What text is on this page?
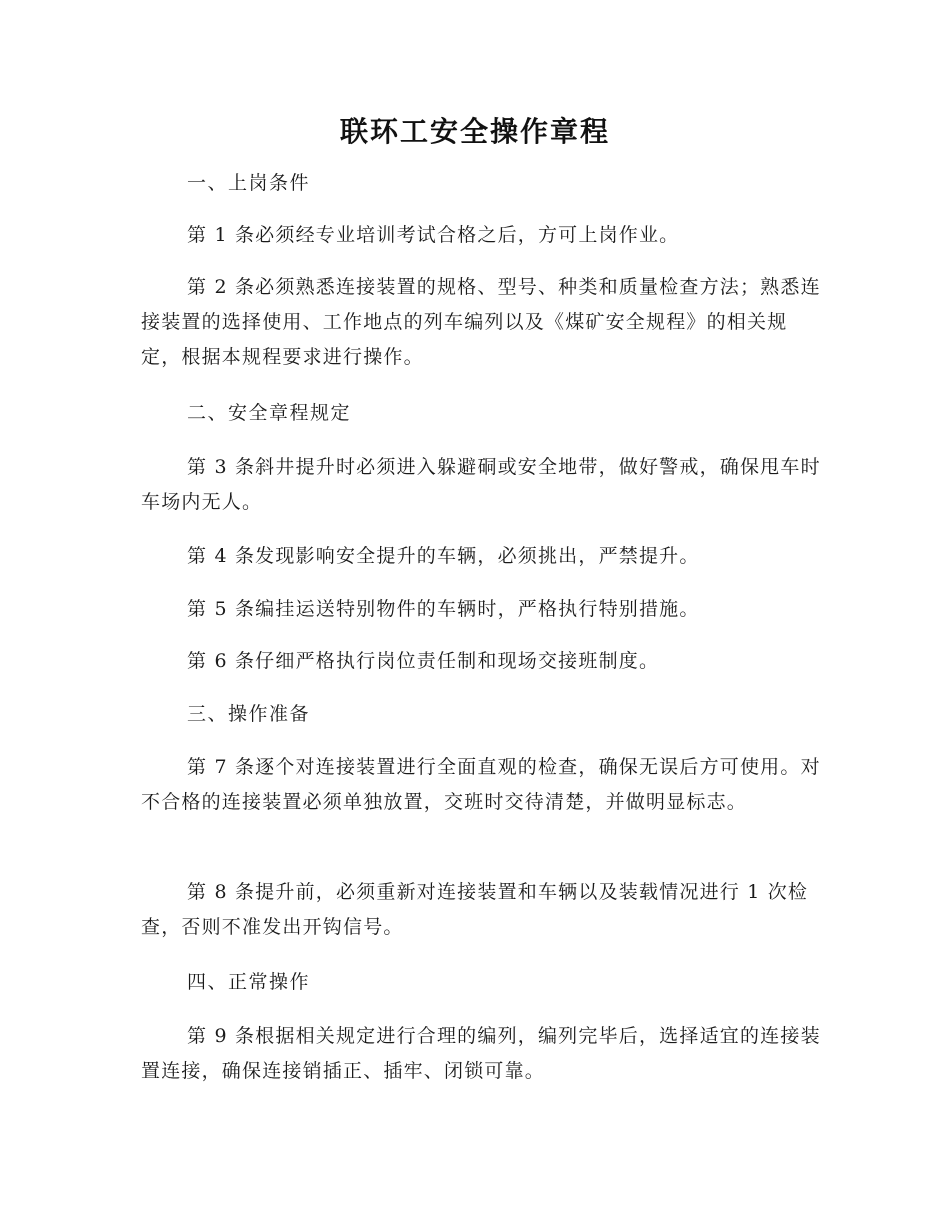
联环工安全操作章程

一、上岗条件

第 1 条必须经专业培训考试合格之后，方可上岗作业。

第 2 条必须熟悉连接装置的规格、型号、种类和质量检查方法；熟悉连接装置的选择使用、工作地点的列车编列以及《煤矿安全规程》的相关规定，根据本规程要求进行操作。

二、安全章程规定

第 3 条斜井提升时必须进入躲避硐或安全地带，做好警戒，确保甩车时车场内无人。

第 4 条发现影响安全提升的车辆，必须挑出，严禁提升。

第 5 条编挂运送特别物件的车辆时，严格执行特别措施。

第 6 条仔细严格执行岗位责任制和现场交接班制度。

三、操作准备

第 7 条逐个对连接装置进行全面直观的检查，确保无误后方可使用。对不合格的连接装置必须单独放置，交班时交待清楚，并做明显标志。

第 8 条提升前，必须重新对连接装置和车辆以及装载情况进行 1 次检查，否则不准发出开钩信号。

四、正常操作

第 9 条根据相关规定进行合理的编列，编列完毕后，选择适宜的连接装置连接，确保连接销插正、插牢、闭锁可靠。
